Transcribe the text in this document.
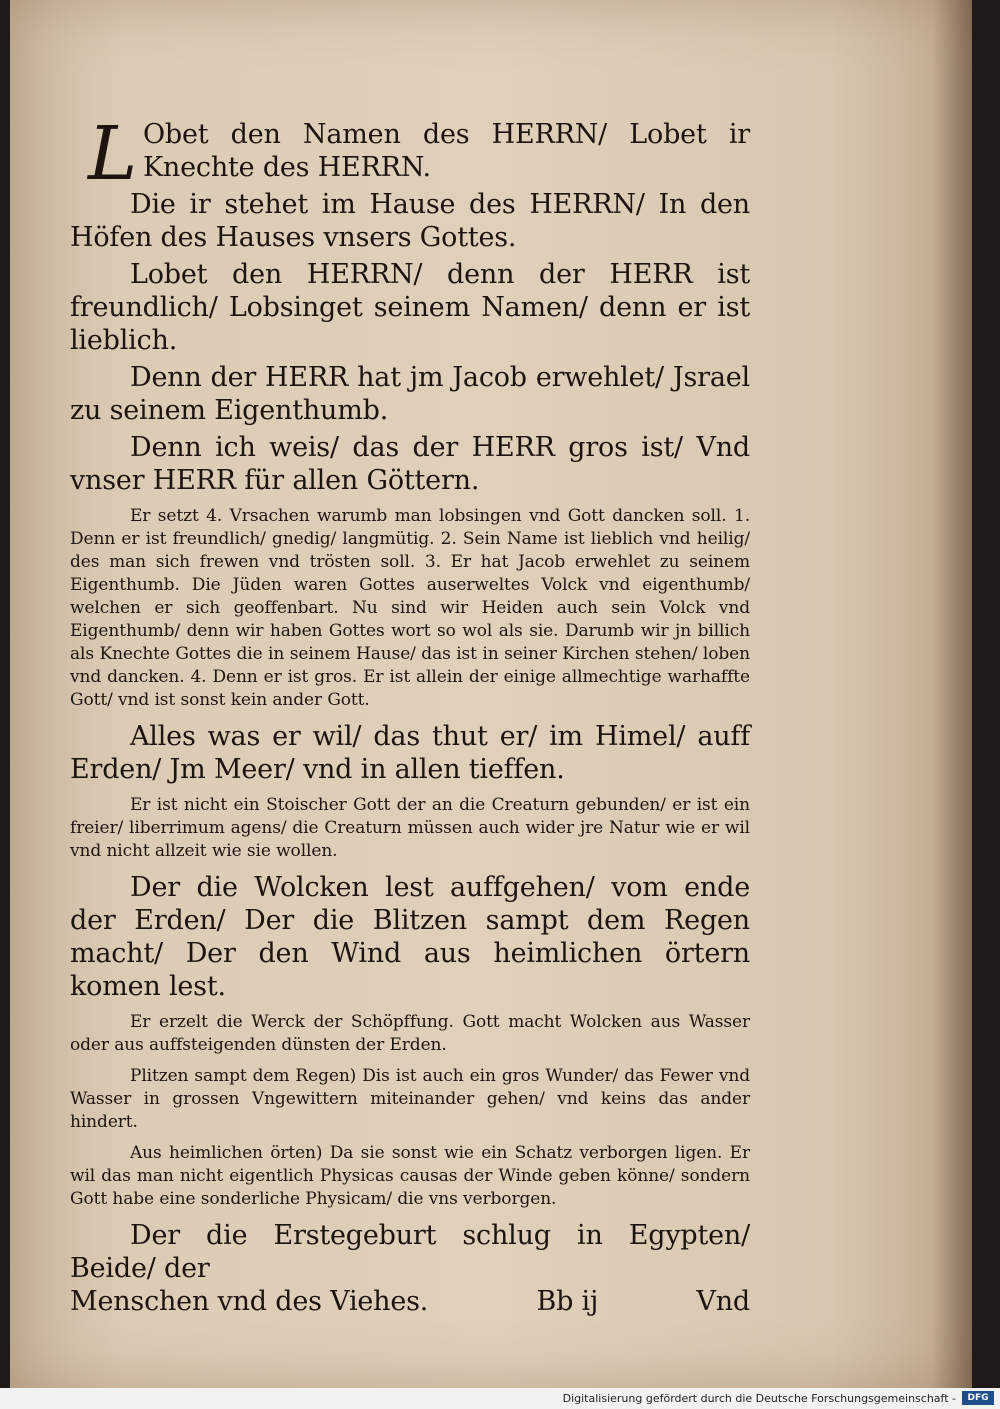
L Obet den Namen des HERRN/ Lobet ir Knechte des HERRN.

Die ir stehet im Hause des HERRN/ In den Höfen des Hauses vnsers Gottes.

Lobet den HERRN/ denn der HERR ist freundlich/ Lobsinget seinem Namen/ denn er ist lieblich.

Denn der HERR hat jm Jacob erwehlet/ Jsrael zu seinem Eigenthumb.

Denn ich weis/ das der HERR gros ist/ Vnd vnser HERR für allen Göttern.

Er setzt 4. Vrsachen warumb man lobsingen vnd Gott dancken soll. 1. Denn er ist freundlich/ gnedig/ langmütig. 2. Sein Name ist lieblich vnd heilig/ des man sich frewen vnd trösten soll. 3. Er hat Jacob erwehlet zu seinem Eigenthumb. Die Jüden waren Gottes auserweltes Volck vnd eigenthumb/ welchen er sich geoffenbart. Nu sind wir Heiden auch sein Volck vnd Eigenthumb/ denn wir haben Gottes wort so wol als sie. Darumb wir jn billich als Knechte Gottes die in seinem Hause/ das ist in seiner Kirchen stehen/ loben vnd dancken. 4. Denn er ist gros. Er ist allein der einige allmechtige warhaffte Gott/ vnd ist sonst kein ander Gott.

Alles was er wil/ das thut er/ im Himel/ auff Erden/ Jm Meer/ vnd in allen tieffen.

Er ist nicht ein Stoischer Gott der an die Creaturn gebunden/ er ist ein freier/ liberrimum agens/ die Creaturn müssen auch wider jre Natur wie er wil vnd nicht allzeit wie sie wollen.

Der die Wolcken lest auffgehen/ vom ende der Erden/ Der die Blitzen sampt dem Regen macht/ Der den Wind aus heimlichen örtern komen lest.

Er erzelt die Werck der Schöpffung. Gott macht Wolcken aus Wasser oder aus auffsteigenden dünsten der Erden.

Plitzen sampt dem Regen) Dis ist auch ein gros Wunder/ das Fewer vnd Wasser in grossen Vngewittern miteinander gehen/ vnd keins das ander hindert.

Aus heimlichen örten) Da sie sonst wie ein Schatz verborgen ligen. Er wil das man nicht eigentlich Physicas causas der Winde geben könne/ sondern Gott habe eine sonderliche Physicam/ die vns verborgen.

Der die Erstegeburt schlug in Egypten/ Beide/ der

Menschen vnd des Viehes.	Bb ij	Vnd
Digitalisierung gefördert durch die Deutsche Forschungsgemeinschaft -	DFG
